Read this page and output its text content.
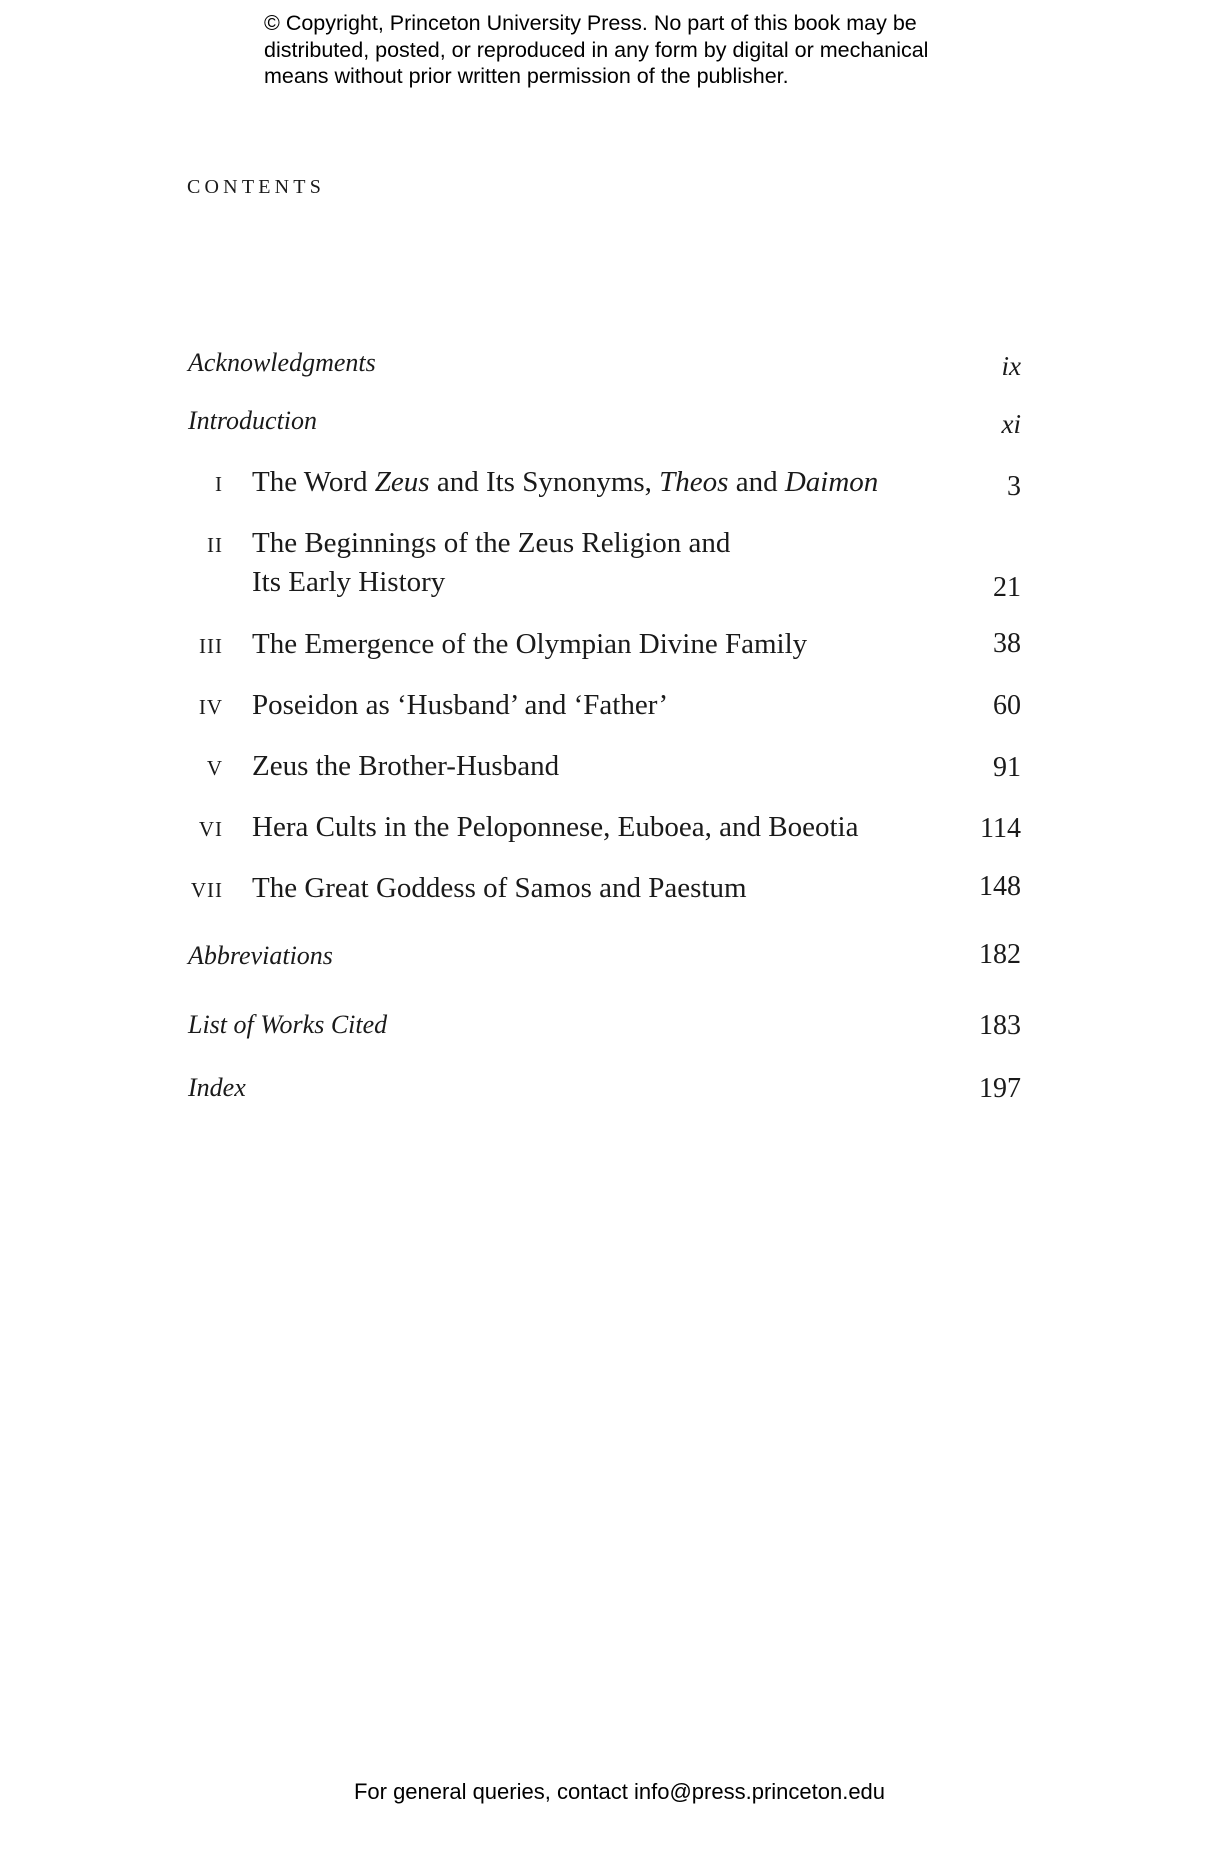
© Copyright, Princeton University Press. No part of this book may be
distributed, posted, or reproduced in any form by digital or mechanical
means without prior written permission of the publisher.
CONTENTS
Acknowledgments	ix
Introduction	xi
I The Word Zeus and Its Synonyms, Theos and Daimon	3
II The Beginnings of the Zeus Religion and
Its Early History	21
III The Emergence of the Olympian Divine Family	38
IV Poseidon as ‘Husband’ and ‘Father’	60
V Zeus the Brother-Husband	91
VI Hera Cults in the Peloponnese, Euboea, and Boeotia	114
VII The Great Goddess of Samos and Paestum	148
Abbreviations	182
List of Works Cited	183
Index	197
For general queries, contact info@press.princeton.edu
